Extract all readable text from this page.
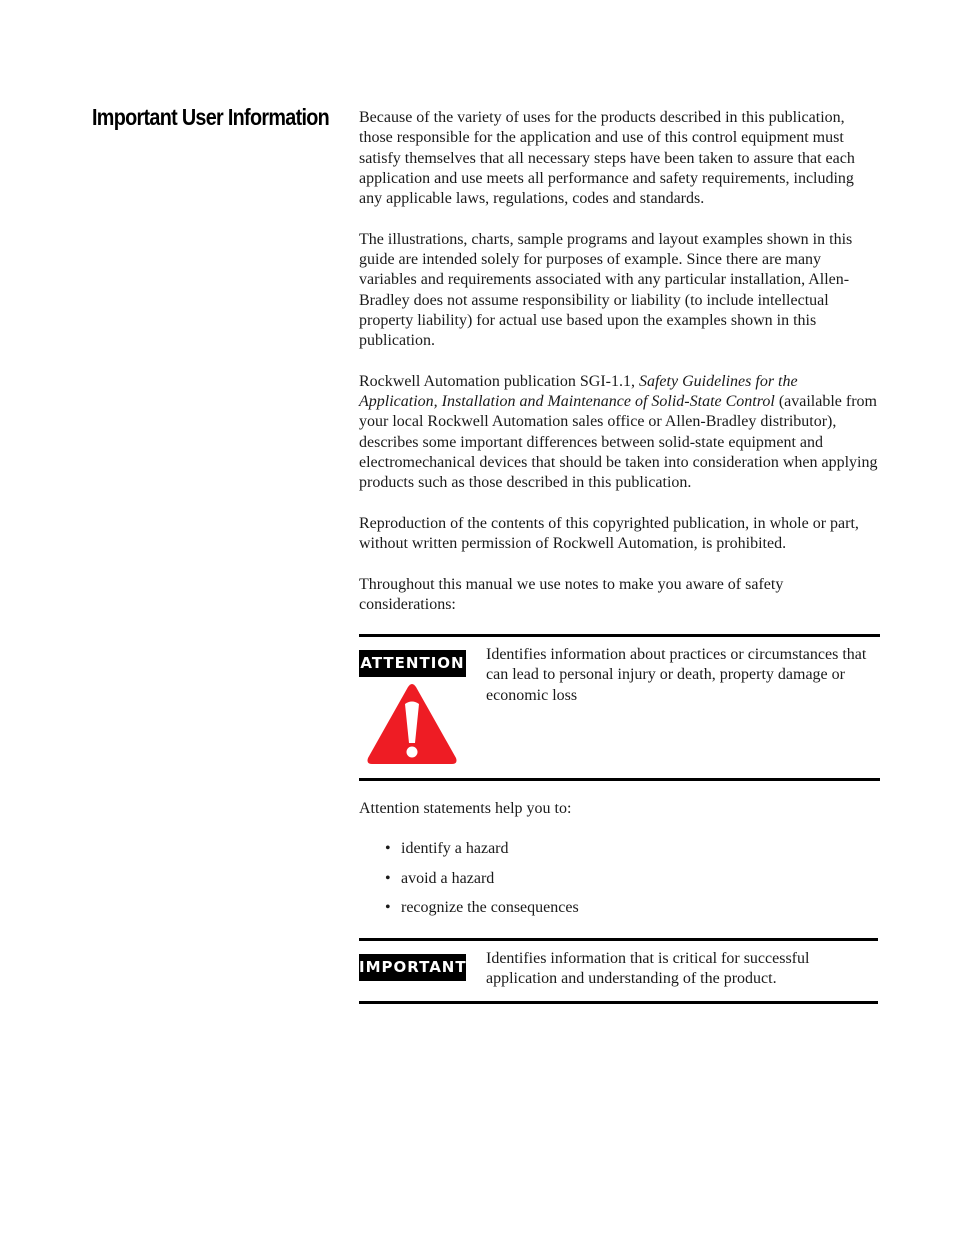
Important User Information Because of the variety of uses for the products described in this publication, those responsible for the application and use of this control equipment must satisfy themselves that all necessary steps have been taken to assure that each application and use meets all performance and safety requirements, including any applicable laws, regulations, codes and standards.

The illustrations, charts, sample programs and layout examples shown in this guide are intended solely for purposes of example. Since there are many variables and requirements associated with any particular installation, Allen-Bradley does not assume responsibility or liability (to include intellectual property liability) for actual use based upon the examples shown in this publication.

Rockwell Automation publication SGI-1.1, Safety Guidelines for the Application, Installation and Maintenance of Solid-State Control (available from your local Rockwell Automation sales office or Allen-Bradley distributor), describes some important differences between solid-state equipment and electromechanical devices that should be taken into consideration when applying products such as those described in this publication.

Reproduction of the contents of this copyrighted publication, in whole or part, without written permission of Rockwell Automation, is prohibited.

Throughout this manual we use notes to make you aware of safety considerations:

ATTENTION Identifies information about practices or circumstances that can lead to personal injury or death, property damage or economic loss
Attention statements help you to:
• identify a hazard
• avoid a hazard
• recognize the consequences
IMPORTANT Identifies information that is critical for successful application and understanding of the product.
